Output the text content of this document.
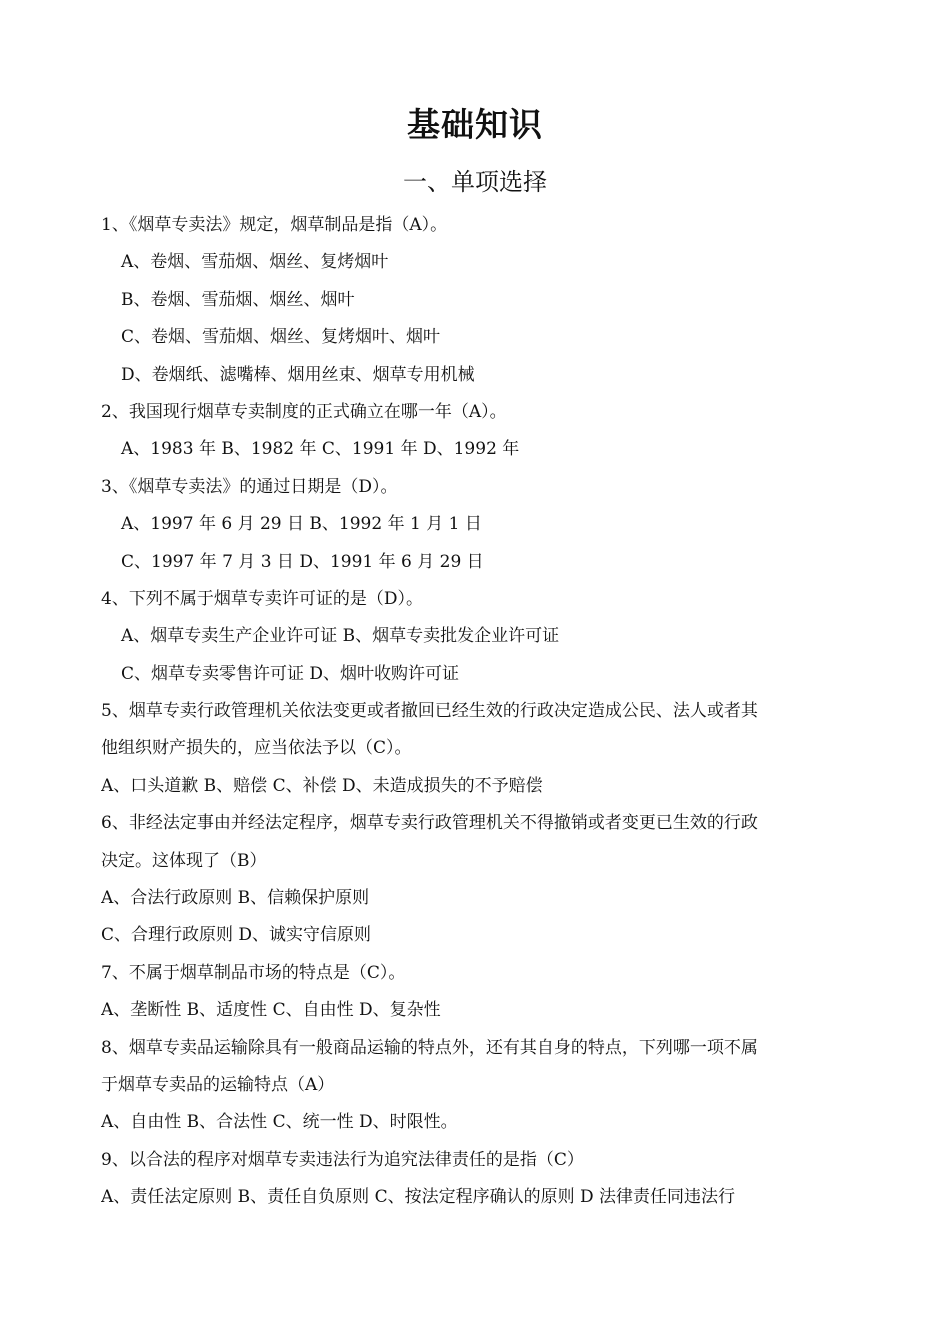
基础知识
一、单项选择
1、《烟草专卖法》规定，烟草制品是指（A）。
A、卷烟、雪茄烟、烟丝、复烤烟叶
B、卷烟、雪茄烟、烟丝、烟叶
C、卷烟、雪茄烟、烟丝、复烤烟叶、烟叶
D、卷烟纸、滤嘴棒、烟用丝束、烟草专用机械
2、我国现行烟草专卖制度的正式确立在哪一年（A）。
A、1983 年 B、1982 年 C、1991 年 D、1992 年
3、《烟草专卖法》的通过日期是（D）。
A、1997 年 6 月 29 日 B、1992 年 1 月 1 日
C、1997 年 7 月 3 日 D、1991 年 6 月 29 日
4、下列不属于烟草专卖许可证的是（D）。
A、烟草专卖生产企业许可证 B、烟草专卖批发企业许可证
C、烟草专卖零售许可证 D、烟叶收购许可证
5、烟草专卖行政管理机关依法变更或者撤回已经生效的行政决定造成公民、法人或者其
他组织财产损失的，应当依法予以（C）。
A、口头道歉 B、赔偿 C、补偿 D、未造成损失的不予赔偿
6、非经法定事由并经法定程序，烟草专卖行政管理机关不得撤销或者变更已生效的行政
决定。这体现了（B）
A、合法行政原则 B、信赖保护原则
C、合理行政原则 D、诚实守信原则
7、不属于烟草制品市场的特点是（C）。
A、垄断性 B、适度性 C、自由性 D、复杂性
8、烟草专卖品运输除具有一般商品运输的特点外，还有其自身的特点，下列哪一项不属
于烟草专卖品的运输特点（A）
A、自由性 B、合法性 C、统一性 D、时限性。
9、以合法的程序对烟草专卖违法行为追究法律责任的是指（C）
A、责任法定原则 B、责任自负原则 C、按法定程序确认的原则 D 法律责任同违法行
